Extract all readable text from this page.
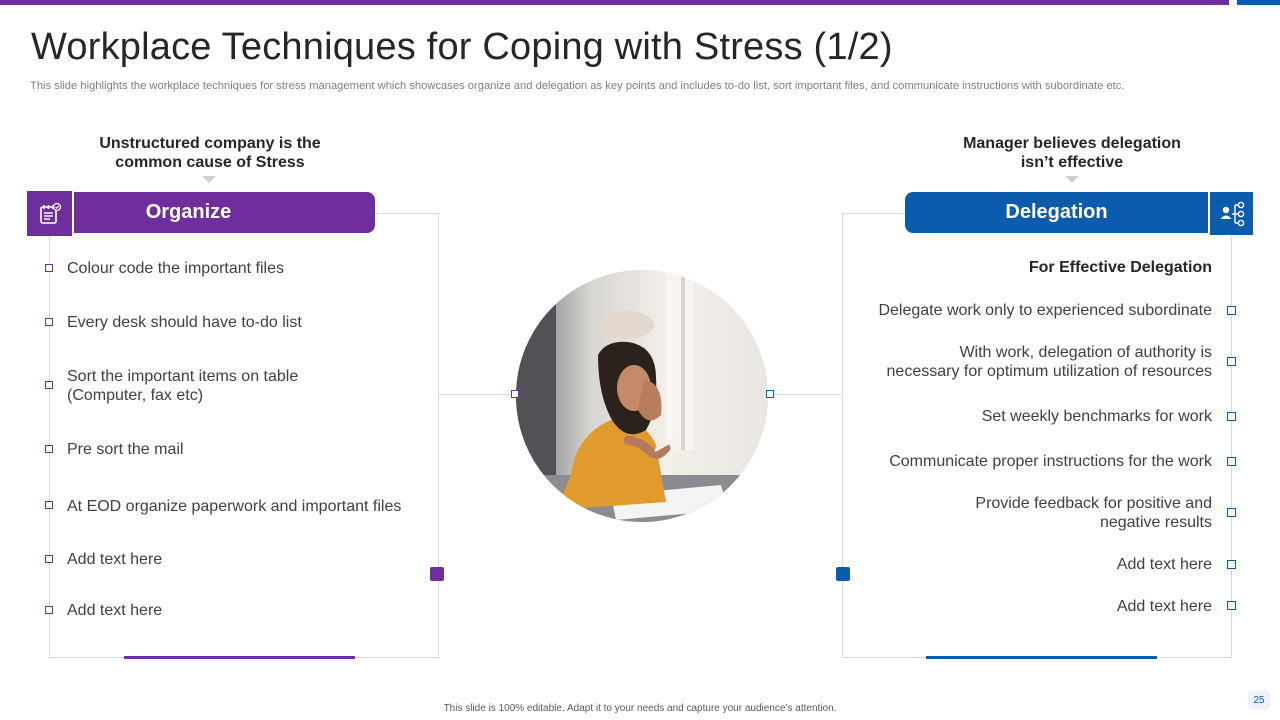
Workplace Techniques for Coping with Stress (1/2)
This slide highlights the workplace techniques for stress management which showcases organize and delegation as key points and includes to-do list, sort important files, and communicate instructions with subordinate etc.
Unstructured company is the
common cause of Stress
Manager believes delegation
isn’t effective
Organize	Delegation
Colour code the important files
Every desk should have to-do list
Sort the important items on table
(Computer, fax etc)
Pre sort the mail
At EOD organize paperwork and important files
Add text here
Add text here
For Effective Delegation
Delegate work only to experienced subordinate
With work, delegation of authority is
necessary for optimum utilization of resources
Set weekly benchmarks for work
Communicate proper instructions for the work
Provide feedback for positive and
negative results
Add text here
Add text here
This slide is 100% editable. Adapt it to your needs and capture your audience’s attention.
25
